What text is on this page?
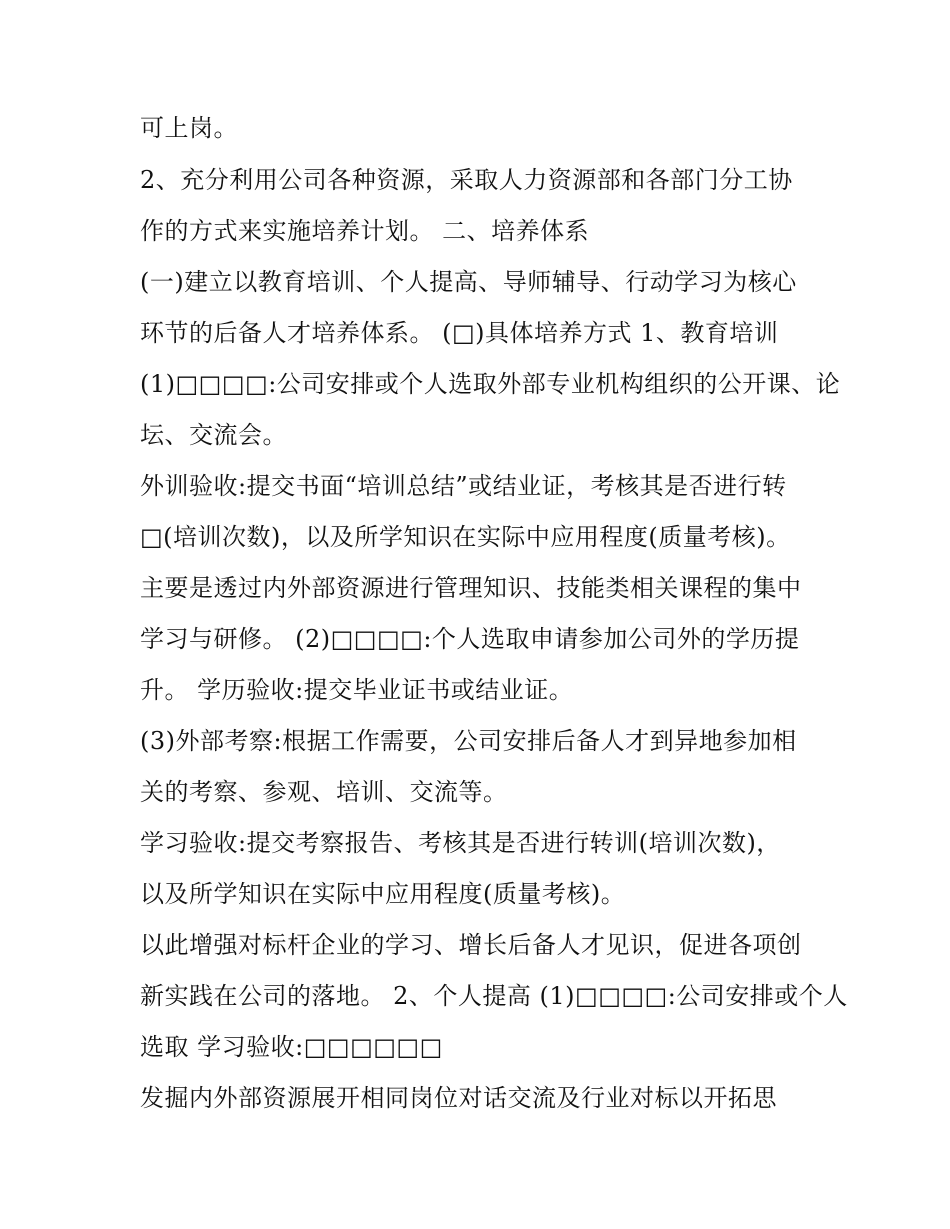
可上岗。
2、充分利用公司各种资源，采取人力资源部和各部门分工协
作的方式来实施培养计划。 二、培养体系
(一)建立以教育培训、个人提高、导师辅导、行动学习为核心
环节的后备人才培养体系。 (□)具体培养方式 1、教育培训
(1)□□□□:公司安排或个人选取外部专业机构组织的公开课、论
坛、交流会。
外训验收:提交书面“培训总结”或结业证，考核其是否进行转
□(培训次数)，以及所学知识在实际中应用程度(质量考核)。
主要是透过内外部资源进行管理知识、技能类相关课程的集中
学习与研修。 (2)□□□□:个人选取申请参加公司外的学历提
升。 学历验收:提交毕业证书或结业证。
(3)外部考察:根据工作需要，公司安排后备人才到异地参加相
关的考察、参观、培训、交流等。
学习验收:提交考察报告、考核其是否进行转训(培训次数)，
以及所学知识在实际中应用程度(质量考核)。
以此增强对标杆企业的学习、增长后备人才见识，促进各项创
新实践在公司的落地。 2、个人提高 (1)□□□□:公司安排或个人
选取 学习验收:□□□□□□
发掘内外部资源展开相同岗位对话交流及行业对标以开拓思
